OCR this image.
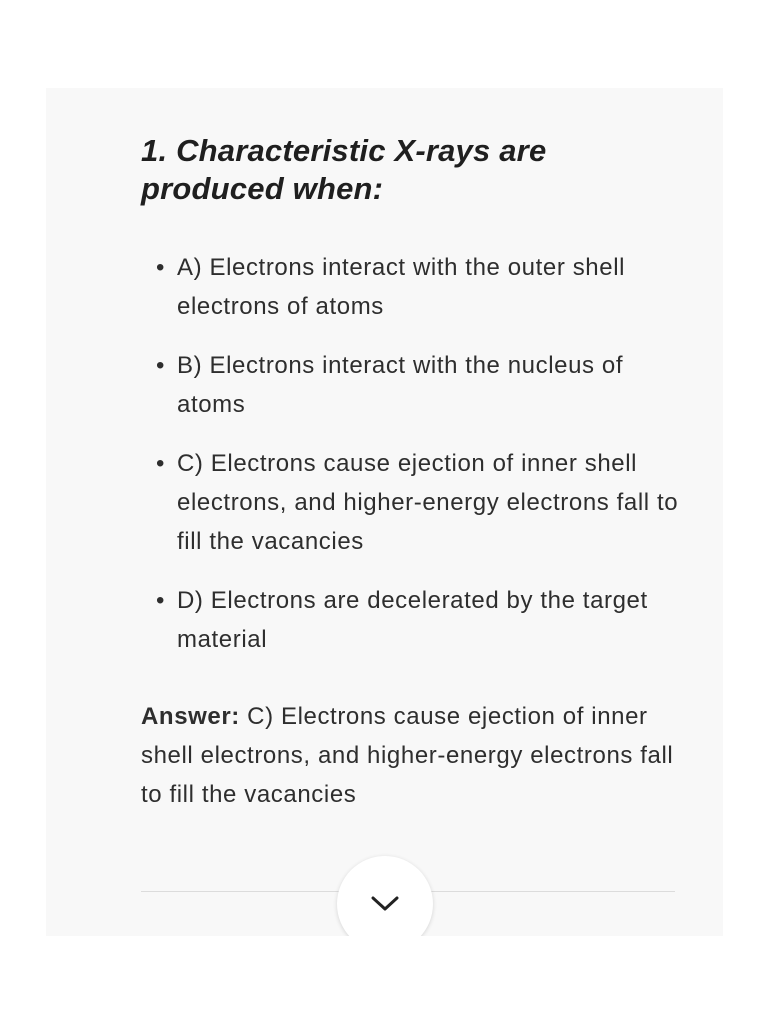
1. Characteristic X-rays are produced when:
• A) Electrons interact with the outer shell electrons of atoms
• B) Electrons interact with the nucleus of atoms
• C) Electrons cause ejection of inner shell electrons, and higher-energy electrons fall to fill the vacancies
• D) Electrons are decelerated by the target material

Answer: C) Electrons cause ejection of inner shell electrons, and higher-energy electrons fall to fill the vacancies
